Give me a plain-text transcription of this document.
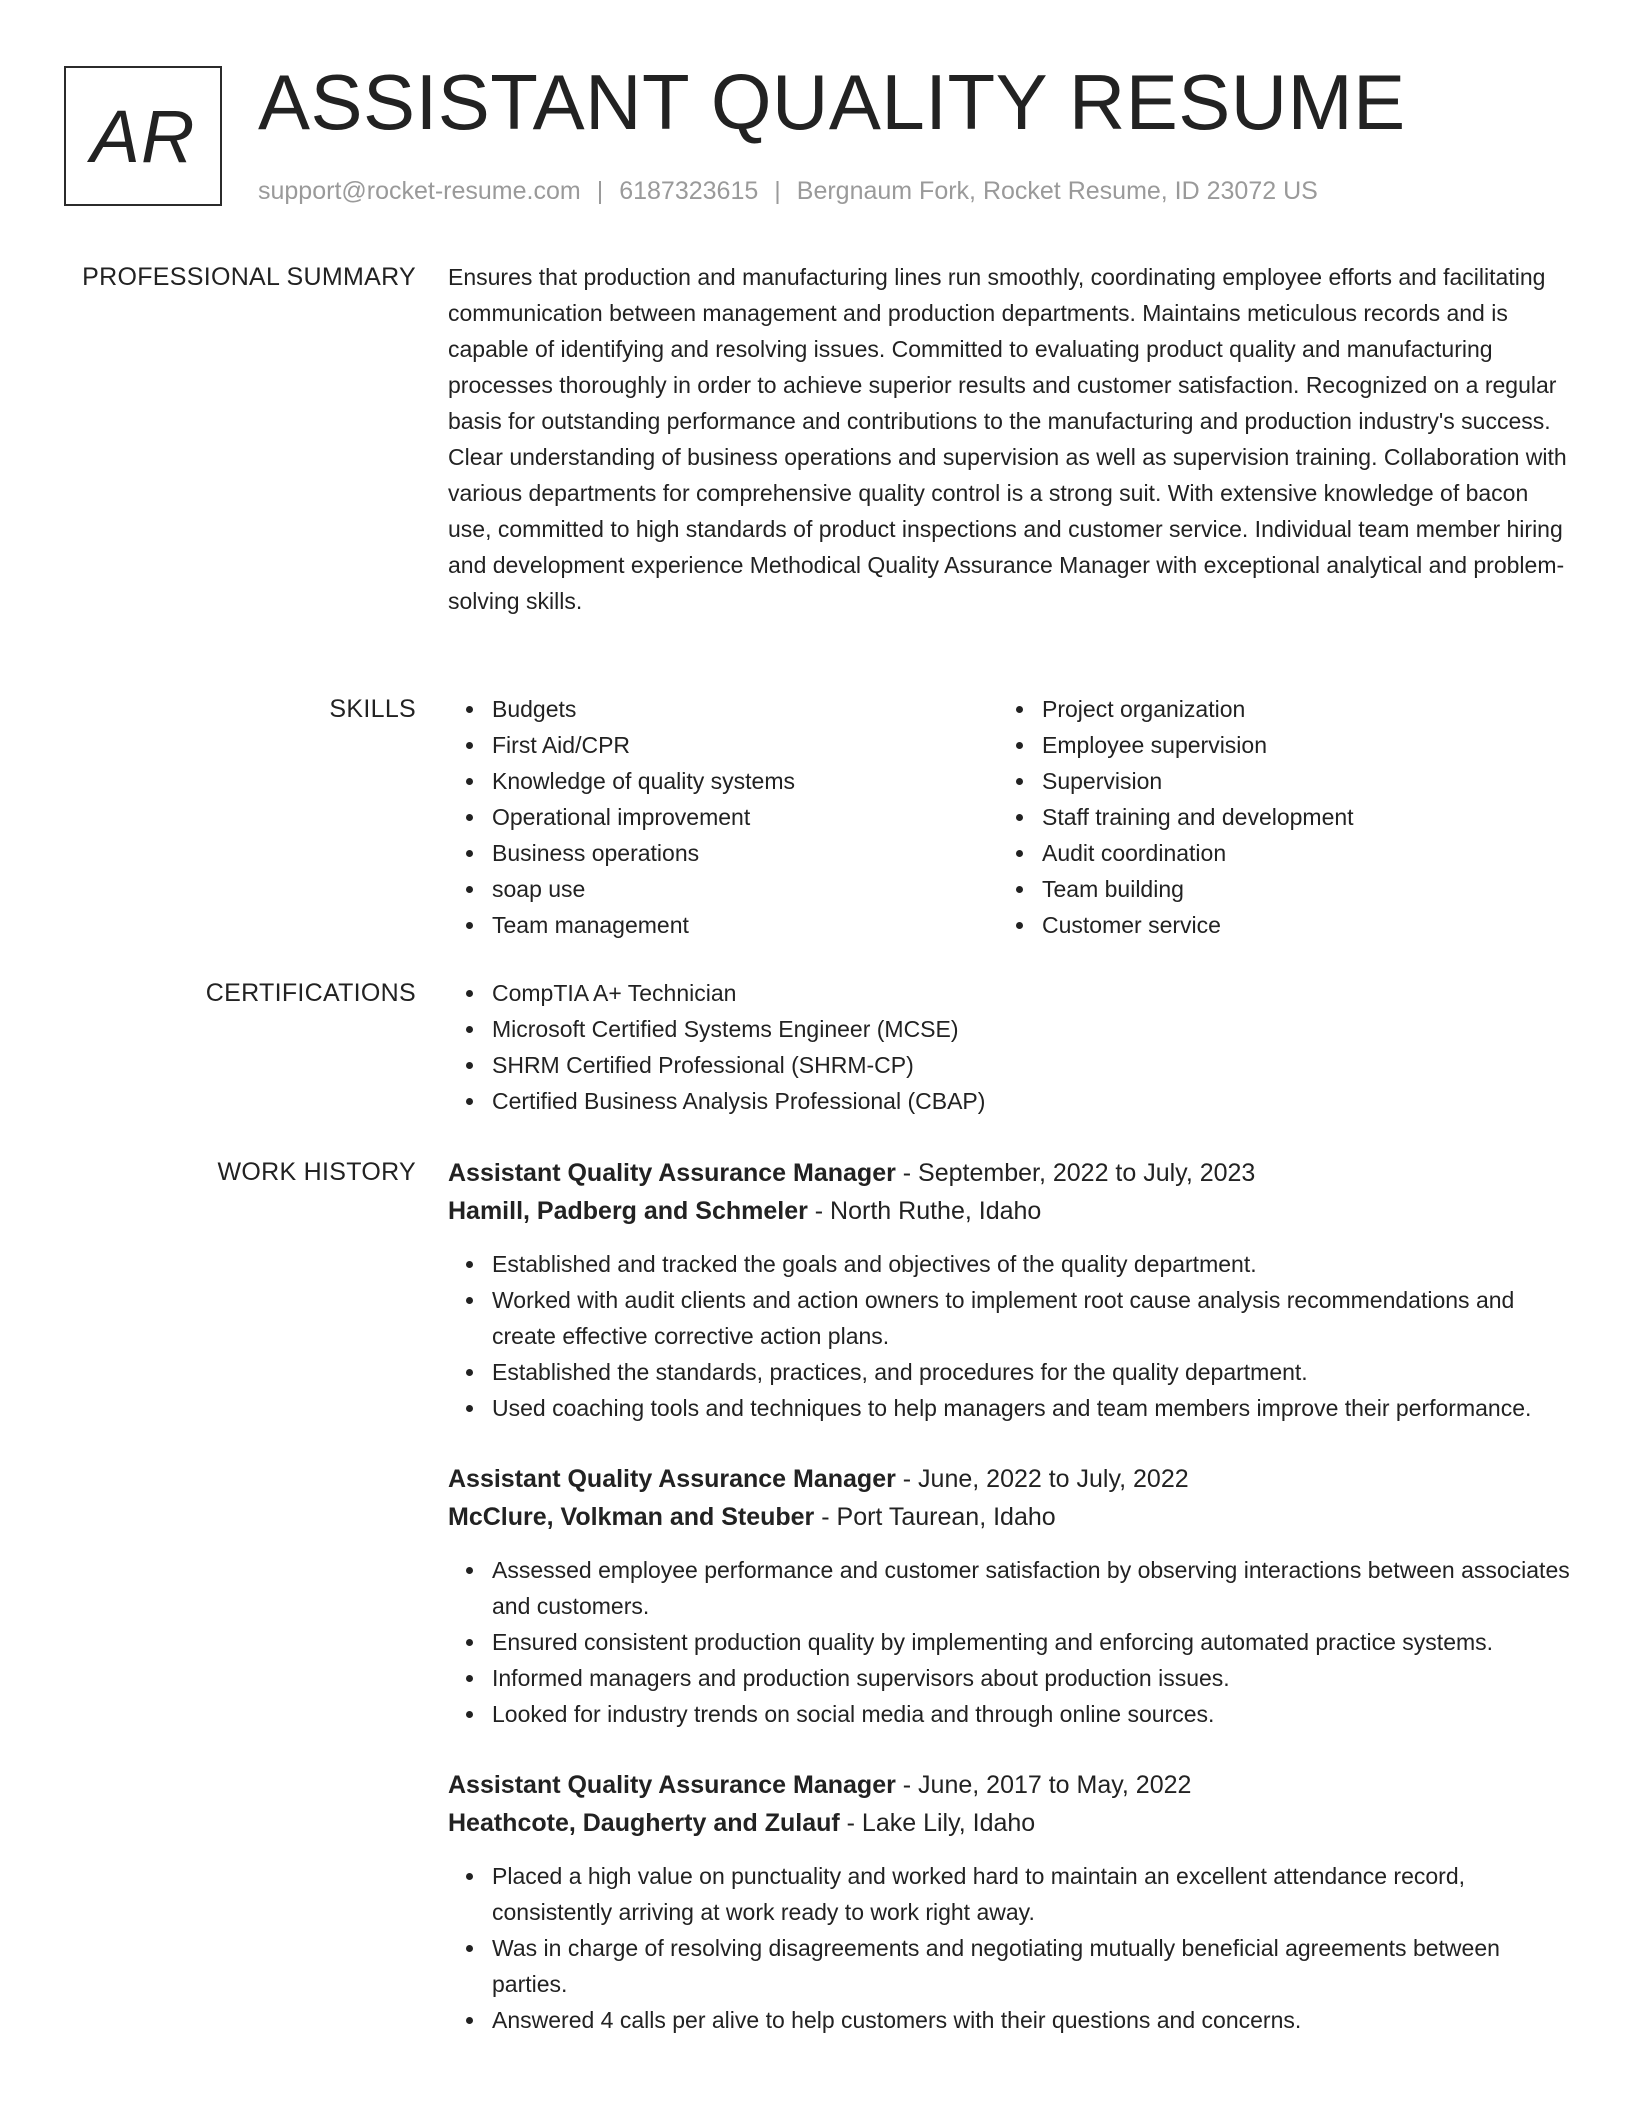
AR ASSISTANT QUALITY RESUME
support@rocket-resume.com | 6187323615 | Bergnaum Fork, Rocket Resume, ID 23072 US
PROFESSIONAL SUMMARY Ensures that production and manufacturing lines run smoothly, coordinating employee efforts and facilitating communication between management and production departments. Maintains meticulous records and is capable of identifying and resolving issues. Committed to evaluating product quality and manufacturing processes thoroughly in order to achieve superior results and customer satisfaction. Recognized on a regular basis for outstanding performance and contributions to the manufacturing and production industry's success. Clear understanding of business operations and supervision as well as supervision training. Collaboration with various departments for comprehensive quality control is a strong suit. With extensive knowledge of bacon use, committed to high standards of product inspections and customer service. Individual team member hiring and development experience Methodical Quality Assurance Manager with exceptional analytical and problem-solving skills.

SKILLS	Budgets
First Aid/CPR
Knowledge of quality systems
Operational improvement
Business operations
soap use
Team management
Project organization
Employee supervision
Supervision
Staff training and development
Audit coordination
Team building
Customer service
CERTIFICATIONS	CompTIA A+ Technician
Microsoft Certified Systems Engineer (MCSE)
SHRM Certified Professional (SHRM-CP)
Certified Business Analysis Professional (CBAP)
WORK HISTORY Assistant Quality Assurance Manager - September, 2022 to July, 2023
Hamill, Padberg and Schmeler - North Ruthe, Idaho
Established and tracked the goals and objectives of the quality department.
Worked with audit clients and action owners to implement root cause analysis recommendations and create effective corrective action plans.
Established the standards, practices, and procedures for the quality department.
Used coaching tools and techniques to help managers and team members improve their performance.
Assistant Quality Assurance Manager - June, 2022 to July, 2022
McClure, Volkman and Steuber - Port Taurean, Idaho
Assessed employee performance and customer satisfaction by observing interactions between associates and customers.
Ensured consistent production quality by implementing and enforcing automated practice systems.
Informed managers and production supervisors about production issues.
Looked for industry trends on social media and through online sources.
Assistant Quality Assurance Manager - June, 2017 to May, 2022
Heathcote, Daugherty and Zulauf - Lake Lily, Idaho
Placed a high value on punctuality and worked hard to maintain an excellent attendance record, consistently arriving at work ready to work right away.
Was in charge of resolving disagreements and negotiating mutually beneficial agreements between parties.
Answered 4 calls per alive to help customers with their questions and concerns.
